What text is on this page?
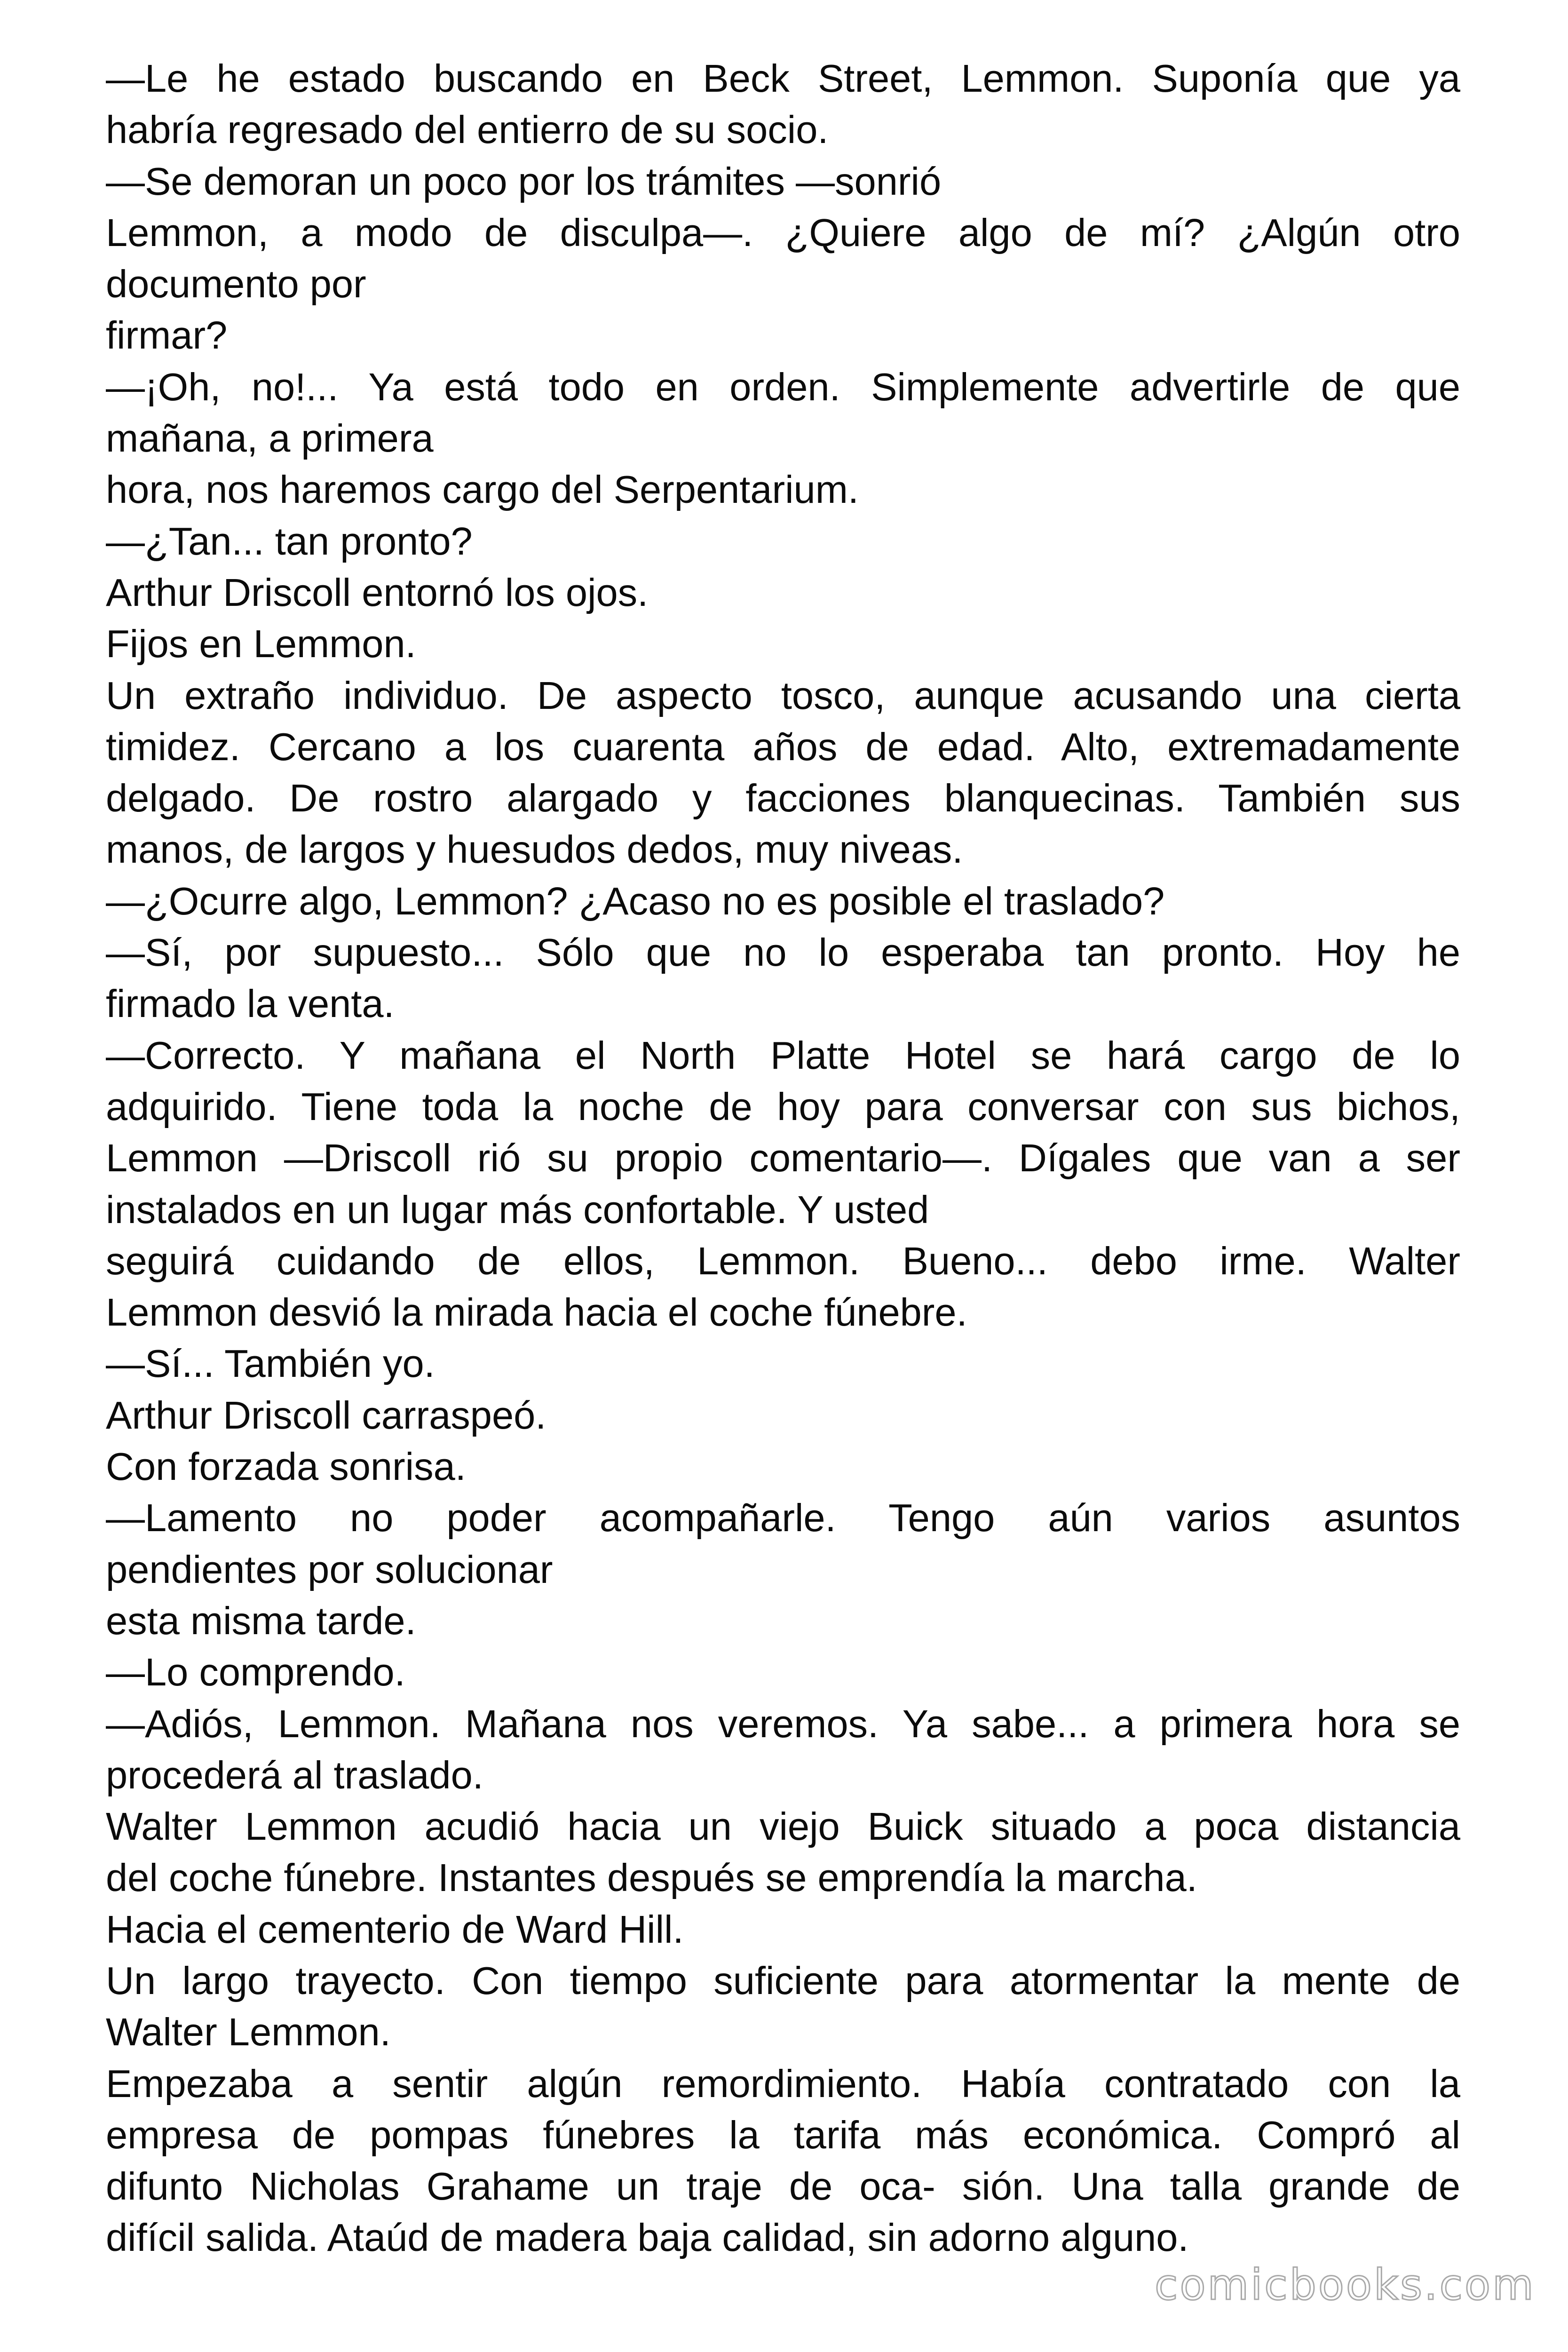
—Le he estado buscando en Beck Street, Lemmon. Suponía que ya
habría regresado del entierro de su socio.
—Se demoran un poco por los trámites —sonrió
Lemmon, a modo de disculpa—. ¿Quiere algo de mí? ¿Algún otro
documento por
firmar?
—¡Oh, no!... Ya está todo en orden. Simplemente advertirle de que
mañana, a primera
hora, nos haremos cargo del Serpentarium.
—¿Tan... tan pronto?
Arthur Driscoll entornó los ojos.
Fijos en Lemmon.
Un extraño individuo. De aspecto tosco, aunque acusando una cierta
timidez. Cercano a los cuarenta años de edad. Alto, extremadamente
delgado. De rostro alargado y facciones blanquecinas. También sus
manos, de largos y huesudos dedos, muy niveas.
—¿Ocurre algo, Lemmon? ¿Acaso no es posible el traslado?
—Sí, por supuesto... Sólo que no lo esperaba tan pronto. Hoy he
firmado la venta.
—Correcto. Y mañana el North Platte Hotel se hará cargo de lo
adquirido. Tiene toda la noche de hoy para conversar con sus bichos,
Lemmon —Driscoll rió su propio comentario—. Dígales que van a ser
instalados en un lugar más confortable. Y usted
seguirá cuidando de ellos, Lemmon. Bueno... debo irme. Walter
Lemmon desvió la mirada hacia el coche fúnebre.
—Sí... También yo.
Arthur Driscoll carraspeó.
Con forzada sonrisa.
—Lamento no poder acompañarle. Tengo aún varios asuntos
pendientes por solucionar
esta misma tarde.
—Lo comprendo.
—Adiós, Lemmon. Mañana nos veremos. Ya sabe... a primera hora se
procederá al traslado.
Walter Lemmon acudió hacia un viejo Buick situado a poca distancia
del coche fúnebre. Instantes después se emprendía la marcha.
Hacia el cementerio de Ward Hill.
Un largo trayecto. Con tiempo suficiente para atormentar la mente de
Walter Lemmon.
Empezaba a sentir algún remordimiento. Había contratado con la
empresa de pompas fúnebres la tarifa más económica. Compró al
difunto Nicholas Grahame un traje de oca- sión. Una talla grande de
difícil salida. Ataúd de madera baja calidad, sin adorno alguno.
comicbooks.com
